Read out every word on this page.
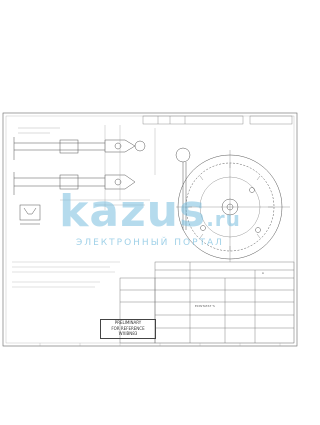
PRELIMINARY
FOR REFERENCE
WXIBN83
ECOSTATAT'S
A
kazus.ru
ЭЛЕКТРОННЫЙ ПОРТАЛ
